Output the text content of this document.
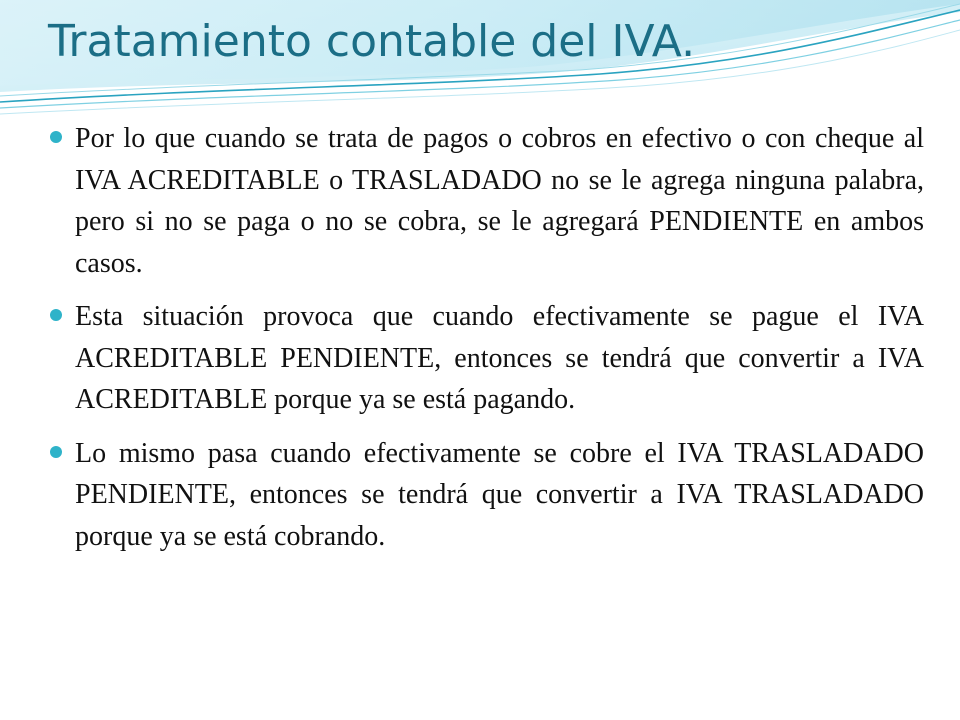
Tratamiento contable del IVA.

Por lo que cuando se trata de pagos o cobros en efectivo o con cheque al IVA ACREDITABLE o TRASLADADO no se le agrega ninguna palabra, pero si no se paga o no se cobra, se le agregará PENDIENTE en ambos casos.

Esta situación provoca que cuando efectivamente se pague el IVA ACREDITABLE PENDIENTE, entonces se tendrá que convertir a IVA ACREDITABLE porque ya se está pagando.

Lo mismo pasa cuando efectivamente se cobre el IVA TRASLADADO PENDIENTE, entonces se tendrá que convertir a IVA TRASLADADO porque ya se está cobrando.
